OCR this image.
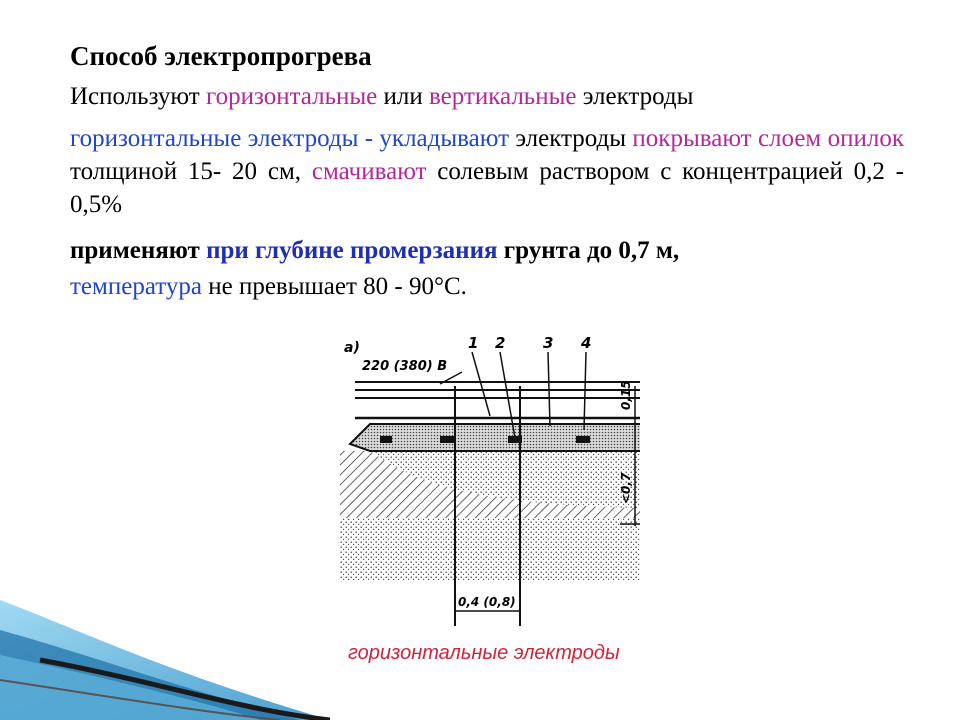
Способ электропрогрева
Используют горизонтальные или вертикальные электроды
горизонтальные электроды - укладывают электроды покрывают слоем опилок толщиной 15- 20 см, смачивают солевым раствором с концентрацией 0,2 - 0,5%
применяют при глубине промерзания грунта до 0,7 м,
температура не превышает 80 - 90°С.
а)
220 (380) В
1 2	3 4
0,15
<0,7
0,4 (0,8)
горизонтальные электроды
